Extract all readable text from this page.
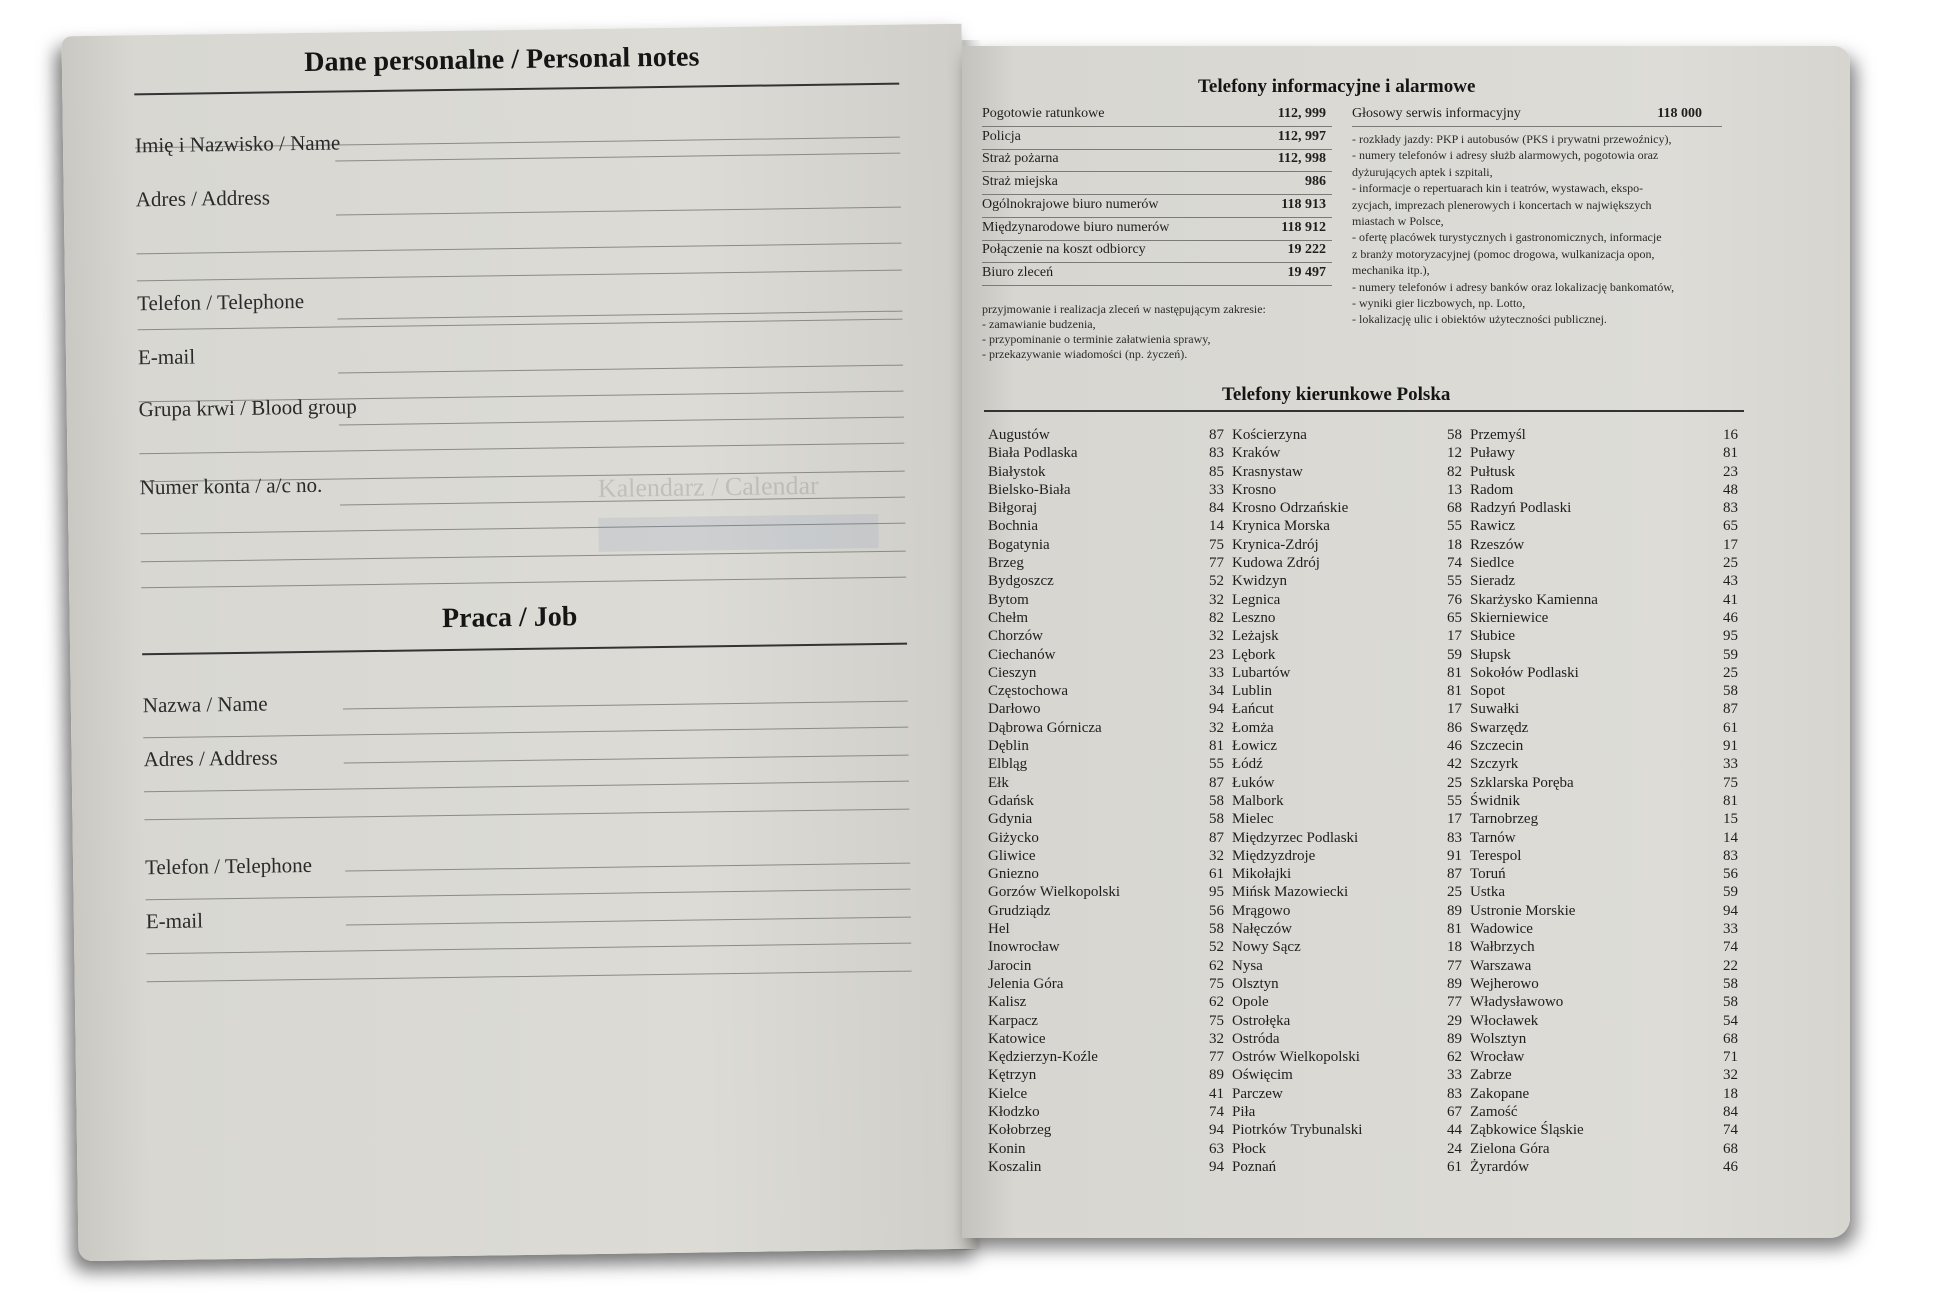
Dane personalne / Personal notes
Imię i Nazwisko / Name
Adres / Address
Telefon / Telephone
E-mail
Grupa krwi / Blood group
Numer konta / a/c no.	Kalendarz / Calendar
Praca / Job
Nazwa / Name
Adres / Address
Telefon / Telephone
E-mail
Telefony informacyjne i alarmowe
przyjmowanie i realizacja zleceń w następującym zakresie:
- zamawianie budzenia,
- przypominanie o terminie załatwienia sprawy,
- przekazywanie wiadomości (np. życzeń).
Głosowy serwis informacyjny	118 000
- rozkłady jazdy: PKP i autobusów (PKS i prywatni przewoźnicy),
- numery telefonów i adresy służb alarmowych, pogotowia oraz
dyżurujących aptek i szpitali,
- informacje o repertuarach kin i teatrów, wystawach, ekspo-
zycjach, imprezach plenerowych i koncertach w największych
miastach w Polsce,
- ofertę placówek turystycznych i gastronomicznych, informacje
z branży motoryzacyjnej (pomoc drogowa, wulkanizacja opon,
mechanika itp.),
- numery telefonów i adresy banków oraz lokalizację bankomatów,
- wyniki gier liczbowych, np. Lotto,
- lokalizację ulic i obiektów użyteczności publicznej.
Telefony kierunkowe Polska
Augustów	87
Biała Podlaska	83
Białystok	85
Bielsko-Biała	33
Biłgoraj	84
Bochnia	14
Bogatynia	75
Brzeg	77
Bydgoszcz	52
Bytom	32
Chełm	82
Chorzów	32
Ciechanów	23
Cieszyn	33
Częstochowa	34
Darłowo	94
Dąbrowa Górnicza	32
Dęblin	81
Elbląg	55
Ełk	87
Gdańsk	58
Gdynia	58
Giżycko	87
Gliwice	32
Gniezno	61
Gorzów Wielkopolski	95
Grudziądz	56
Hel	58
Inowrocław	52
Jarocin	62
Jelenia Góra	75
Kalisz	62
Karpacz	75
Katowice	32
Kędzierzyn-Koźle	77
Kętrzyn	89
Kielce	41
Kłodzko	74
Kołobrzeg	94
Konin	63
Koszalin	94
Kościerzyna	58
Kraków	12
Krasnystaw	82
Krosno	13
Krosno Odrzańskie	68
Krynica Morska	55
Krynica-Zdrój	18
Kudowa Zdrój	74
Kwidzyn	55
Legnica	76
Leszno	65
Leżajsk	17
Lębork	59
Lubartów	81
Lublin	81
Łańcut	17
Łomża	86
Łowicz	46
Łódź	42
Łuków	25
Malbork	55
Mielec	17
Międzyrzec Podlaski	83
Międzyzdroje	91
Mikołajki	87
Mińsk Mazowiecki	25
Mrągowo	89
Nałęczów	81
Nowy Sącz	18
Nysa	77
Olsztyn	89
Opole	77
Ostrołęka	29
Ostróda	89
Ostrów Wielkopolski	62
Oświęcim	33
Parczew	83
Piła	67
Piotrków Trybunalski	44
Płock	24
Poznań	61
Przemyśl	16
Puławy	81
Pułtusk	23
Radom	48
Radzyń Podlaski	83
Rawicz	65
Rzeszów	17
Siedlce	25
Sieradz	43
Skarżysko Kamienna	41
Skierniewice	46
Słubice	95
Słupsk	59
Sokołów Podlaski	25
Sopot	58
Suwałki	87
Swarzędz	61
Szczecin	91
Szczyrk	33
Szklarska Poręba	75
Świdnik	81
Tarnobrzeg	15
Tarnów	14
Terespol	83
Toruń	56
Ustka	59
Ustronie Morskie	94
Wadowice	33
Wałbrzych	74
Warszawa	22
Wejherowo	58
Władysławowo	58
Włocławek	54
Wolsztyn	68
Wrocław	71
Zabrze	32
Zakopane	18
Zamość	84
Ząbkowice Śląskie	74
Zielona Góra	68
Żyrardów	46
Pogotowie ratunkowe	112, 999
Policja	112, 997
Straż pożarna	112, 998
Straż miejska	986
Ogólnokrajowe biuro numerów	118 913
Międzynarodowe biuro numerów	118 912
Połączenie na koszt odbiorcy	19 222
Biuro zleceń	19 497
